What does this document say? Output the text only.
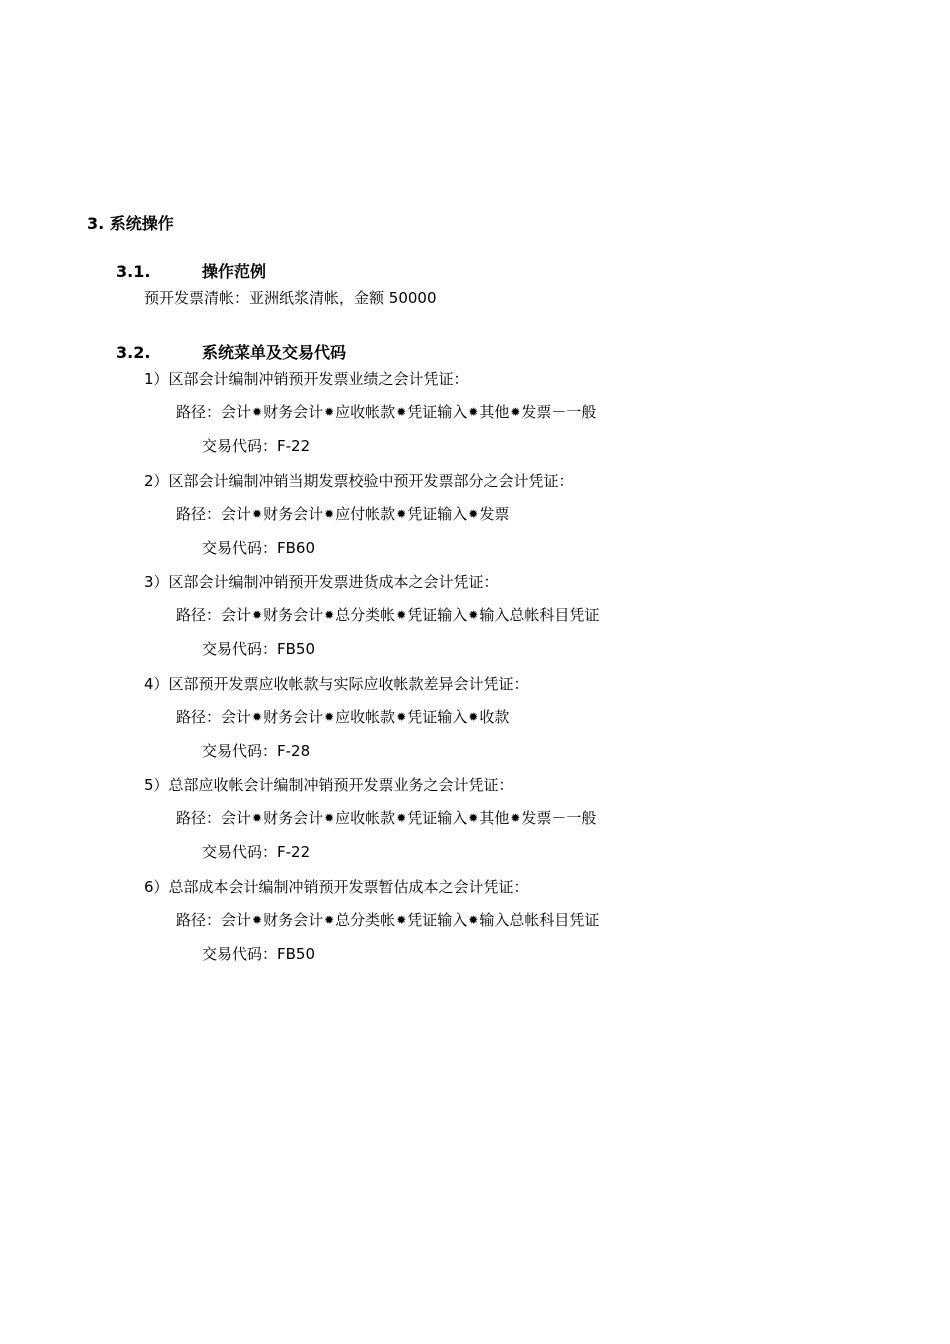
3. 系统操作
3.1.	操作范例
预开发票清帐：亚洲纸浆清帐，金额 50000
3.2.	系统菜单及交易代码
1）区部会计编制冲销预开发票业绩之会计凭证：
路径：会计✹财务会计✹应收帐款✹凭证输入✹其他✹发票－一般
交易代码：F-22
2）区部会计编制冲销当期发票校验中预开发票部分之会计凭证：
路径：会计✹财务会计✹应付帐款✹凭证输入✹发票
交易代码：FB60
3）区部会计编制冲销预开发票进货成本之会计凭证：
路径：会计✹财务会计✹总分类帐✹凭证输入✹输入总帐科目凭证
交易代码：FB50
4）区部预开发票应收帐款与实际应收帐款差异会计凭证：
路径：会计✹财务会计✹应收帐款✹凭证输入✹收款
交易代码：F-28
5）总部应收帐会计编制冲销预开发票业务之会计凭证：
路径：会计✹财务会计✹应收帐款✹凭证输入✹其他✹发票－一般
交易代码：F-22
6）总部成本会计编制冲销预开发票暂估成本之会计凭证：
路径：会计✹财务会计✹总分类帐✹凭证输入✹输入总帐科目凭证
交易代码：FB50
